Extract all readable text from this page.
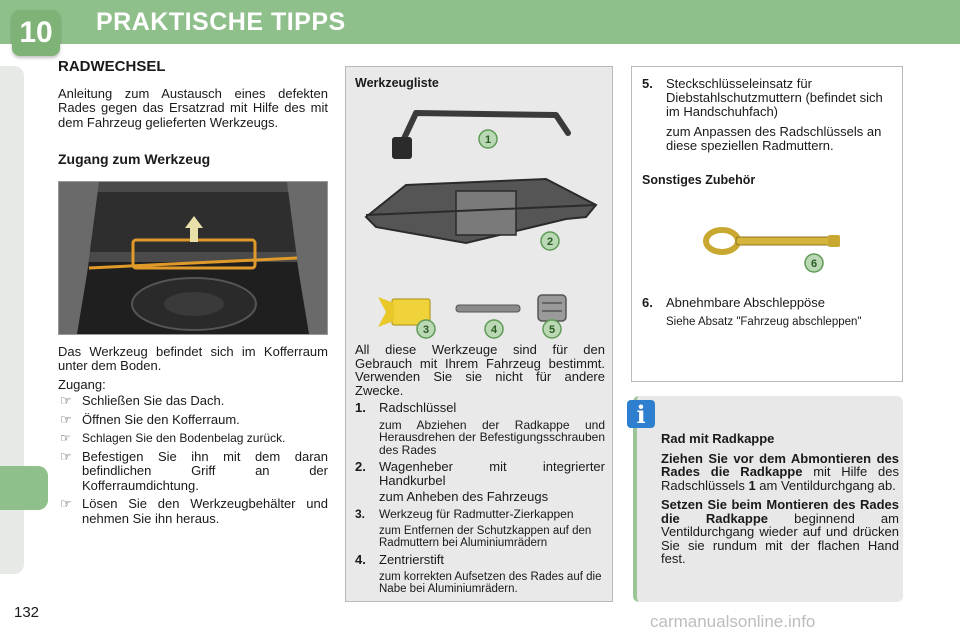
10 PRAKTISCHE TIPPS
132
RADWECHSEL

Anleitung zum Austausch eines defekten Rades gegen das Ersatzrad mit Hilfe des mit dem Fahrzeug gelieferten Werkzeugs.

Zugang zum Werkzeug

Das Werkzeug befindet sich im Kofferraum unter dem Boden.

Zugang:
☞ Schließen Sie das Dach.
☞ Öffnen Sie den Kofferraum.
☞ Schlagen Sie den Bodenbelag zurück.
☞ Befestigen Sie ihn mit dem daran befindlichen Griff an der Kofferraumdichtung.
☞ Lösen Sie den Werkzeugbehälter und nehmen Sie ihn heraus.
1
2
3	4	5
Werkzeugliste

All diese Werkzeuge sind für den Gebrauch mit Ihrem Fahrzeug bestimmt. Verwenden Sie sie nicht für andere Zwecke.

1. Radschlüssel
zum Abziehen der Radkappe und Herausdrehen der Befestigungsschrauben des Rades
2.	Wagenheber mit integrierter Handkurbel
zum Anheben des Fahrzeugs
3. Werkzeug für Radmutter-Zierkappen
zum Entfernen der Schutzkappen auf den Radmuttern bei Aluminiumrädern
4. Zentrierstift
zum korrekten Aufsetzen des Rades auf die Nabe bei Aluminiumrädern.
5. Steckschlüsseleinsatz für Diebstahlschutzmuttern (befindet sich im Handschuhfach)
zum Anpassen des Radschlüssels an diese speziellen Radmuttern.
Sonstiges Zubehör
6
6. Abnehmbare Abschleppöse
Siehe Absatz "Fahrzeug abschleppen"
i

Rad mit Radkappe

Ziehen Sie vor dem Abmontieren des Rades die Radkappe mit Hilfe des Radschlüssels 1 am Ventildurchgang ab.

Setzen Sie beim Montieren des Rades die Radkappe beginnend am Ventildurchgang wieder auf und drücken Sie sie rundum mit der flachen Hand fest.

carmanualsonline.info
